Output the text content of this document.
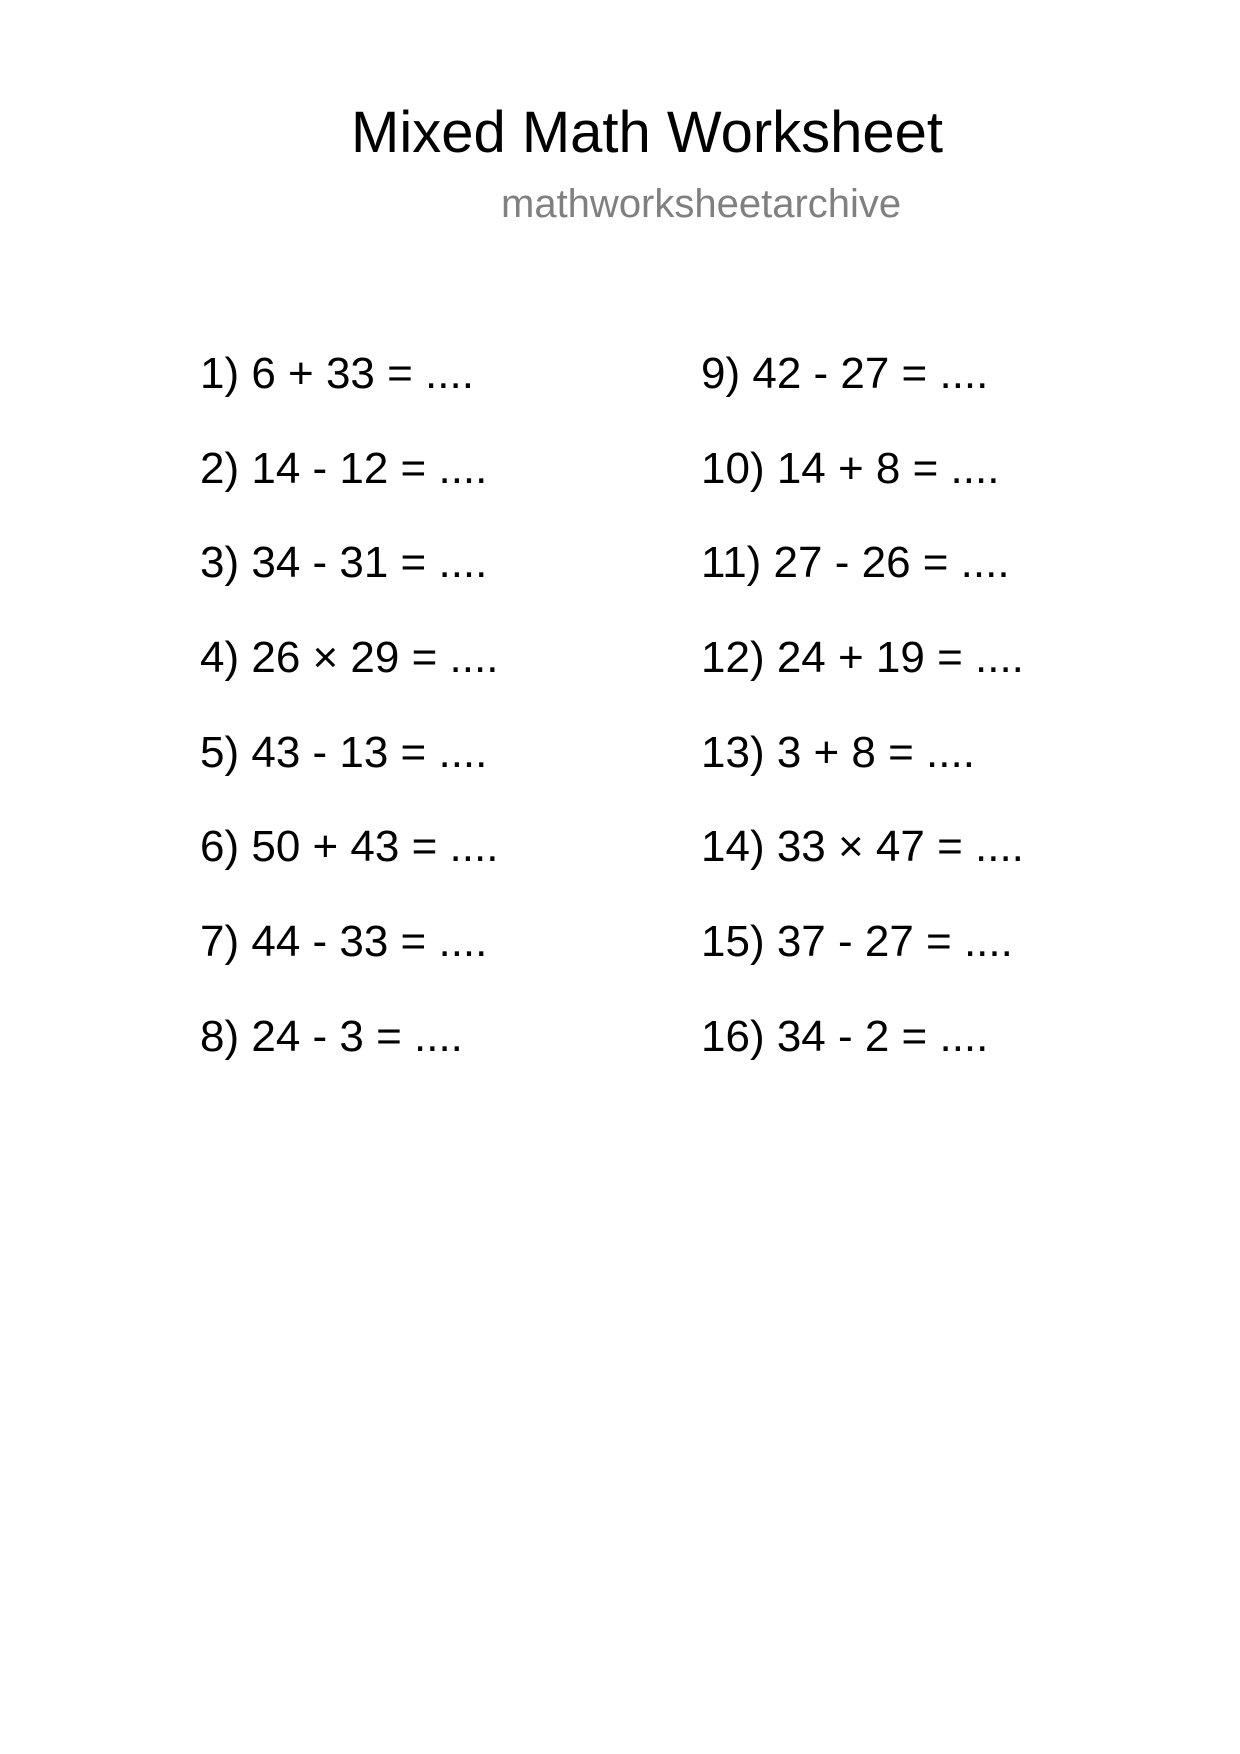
Mixed Math Worksheet
mathworksheetarchive
1) 6 + 33 = ....
2) 14 - 12 = ....
3) 34 - 31 = ....
4) 26 × 29 = ....
5) 43 - 13 = ....
6) 50 + 43 = ....
7) 44 - 33 = ....
8) 24 - 3 = ....
9) 42 - 27 = ....
10) 14 + 8 = ....
11) 27 - 26 = ....
12) 24 + 19 = ....
13) 3 + 8 = ....
14) 33 × 47 = ....
15) 37 - 27 = ....
16) 34 - 2 = ....
